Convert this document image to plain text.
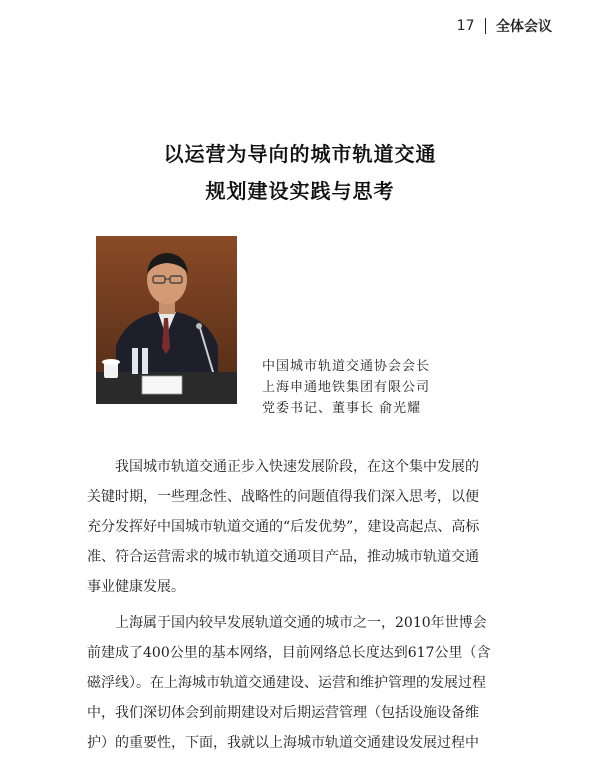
17 全体会议
以运营为导向的城市轨道交通
规划建设实践与思考
中国城市轨道交通协会会长
上海申通地铁集团有限公司
党委书记、董事长 俞光耀
我国城市轨道交通正步入快速发展阶段，在这个集中发展的
关键时期，一些理念性、战略性的问题值得我们深入思考，以便
充分发挥好中国城市轨道交通的“后发优势”，建设高起点、高标
准、符合运营需求的城市轨道交通项目产品，推动城市轨道交通
事业健康发展。
上海属于国内较早发展轨道交通的城市之一，2010年世博会
前建成了400公里的基本网络，目前网络总长度达到617公里（含
磁浮线）。在上海城市轨道交通建设、运营和维护管理的发展过程
中，我们深切体会到前期建设对后期运营管理（包括设施设备维
护）的重要性，下面，我就以上海城市轨道交通建设发展过程中
